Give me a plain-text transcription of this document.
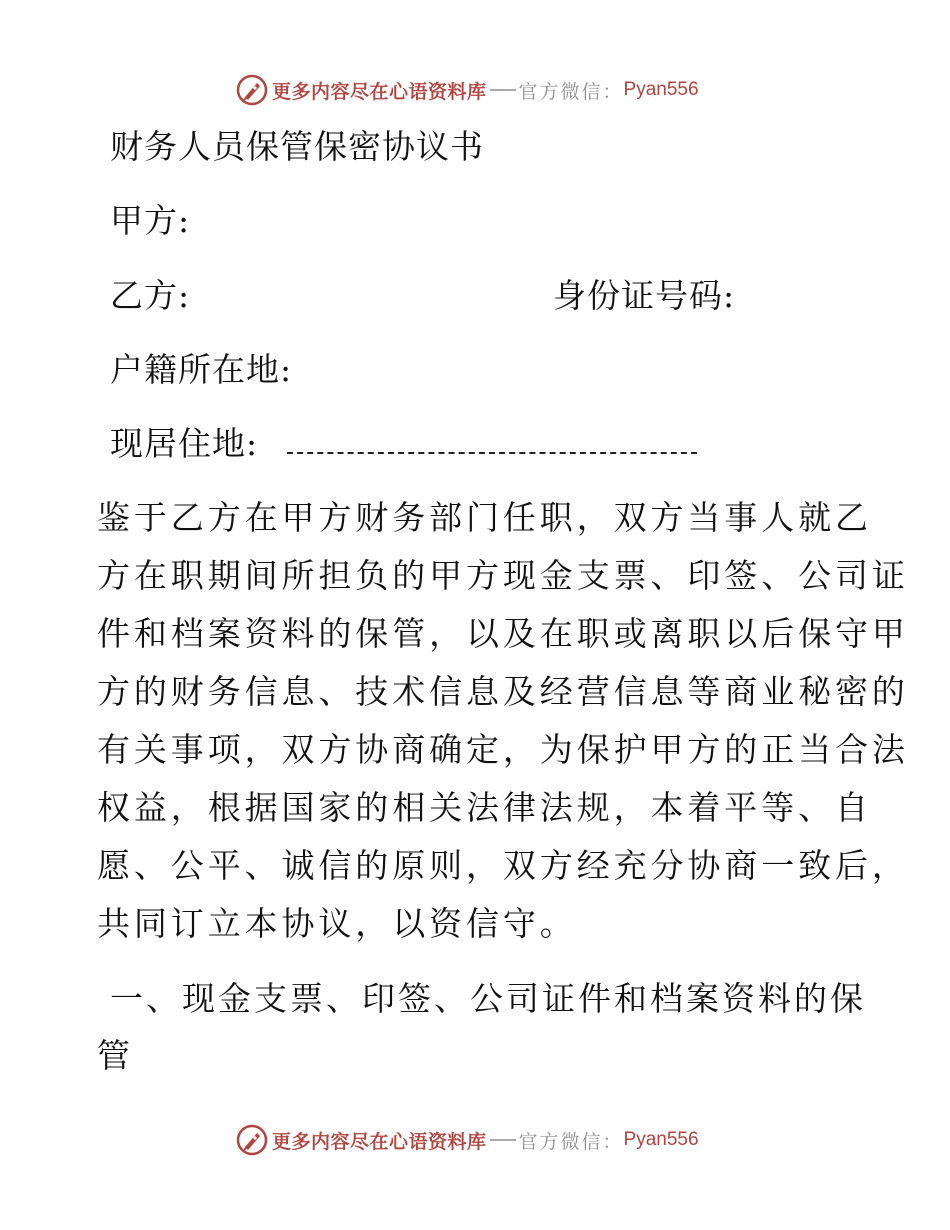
更多内容尽在心语资料库 官方微信： Pyan556
财务人员保管保密协议书
甲方:
乙方:	身份证号码:
户籍所在地:
现居住地:
鉴于乙方在甲方财务部门任职，双方当事人就乙
方在职期间所担负的甲方现金支票、印签、公司证
件和档案资料的保管，以及在职或离职以后保守甲
方的财务信息、技术信息及经营信息等商业秘密的
有关事项，双方协商确定，为保护甲方的正当合法
权益，根据国家的相关法律法规，本着平等、自
愿、公平、诚信的原则，双方经充分协商一致后，
共同订立本协议，以资信守。
一、现金支票、印签、公司证件和档案资料的保
管
更多内容尽在心语资料库 官方微信： Pyan556
